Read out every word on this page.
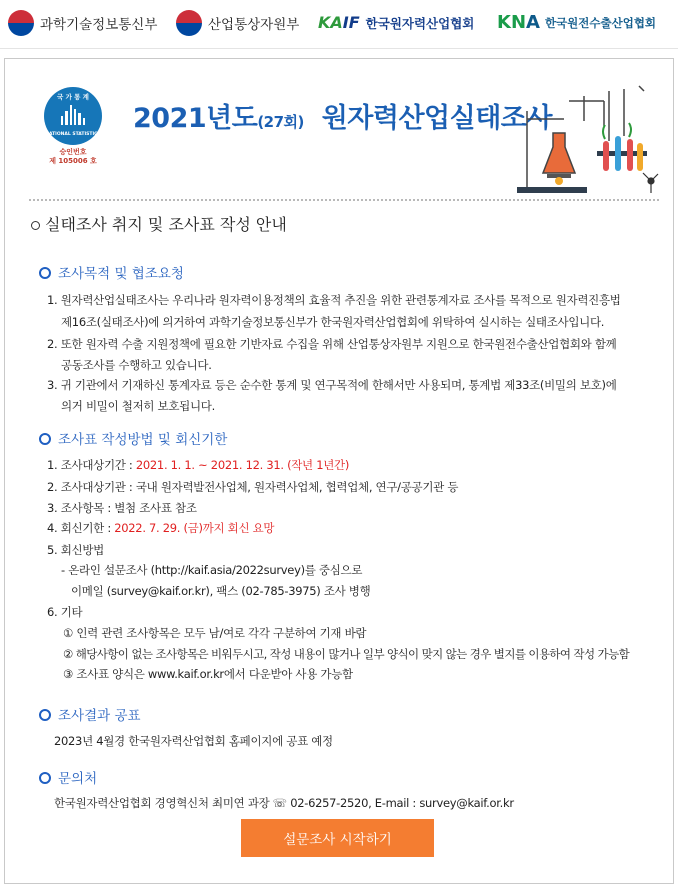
과학기술정보통신부	산업통상자원부 KAIF 한국원자력산업협회 KNA 한국원전수출산업협회
국 가 통 계
NATIONAL STATISTICS
승인번호
제 105006 호
2021년도(27회) 원자력산업실태조사
실태조사 취지 및 조사표 작성 안내
조사목적 및 협조요청
1. 원자력산업실태조사는 우리나라 원자력이용정책의 효율적 추진을 위한 관련통계자료 조사를 목적으로 원자력진흥법
제16조(실태조사)에 의거하여 과학기술정보통신부가 한국원자력산업협회에 위탁하여 실시하는 실태조사입니다.
2. 또한 원자력 수출 지원정책에 필요한 기반자료 수집을 위해 산업통상자원부 지원으로 한국원전수출산업협회와 함께
공동조사를 수행하고 있습니다.
3. 귀 기관에서 기재하신 통계자료 등은 순수한 통계 및 연구목적에 한해서만 사용되며, 통계법 제33조(비밀의 보호)에
의거 비밀이 철저히 보호됩니다.
조사표 작성방법 및 회신기한
1. 조사대상기간 : 2021. 1. 1. ~ 2021. 12. 31. (작년 1년간)
2. 조사대상기관 : 국내 원자력발전사업체, 원자력사업체, 협력업체, 연구/공공기관 등
3. 조사항목 : 별첨 조사표 참조
4. 회신기한 : 2022. 7. 29. (금)까지 회신 요망
5. 회신방법
- 온라인 설문조사 (http://kaif.asia/2022survey)를 중심으로
이메일 (survey@kaif.or.kr), 팩스 (02-785-3975) 조사 병행
6. 기타
① 인력 관련 조사항목은 모두 남/여로 각각 구분하여 기재 바람
② 해당사항이 없는 조사항목은 비워두시고, 작성 내용이 많거나 일부 양식이 맞지 않는 경우 별지를 이용하여 작성 가능함
③ 조사표 양식은 www.kaif.or.kr에서 다운받아 사용 가능함
조사결과 공표
2023년 4월경 한국원자력산업협회 홈페이지에 공표 예정
문의처
한국원자력산업협회 경영혁신처 최미연 과장 ☏ 02-6257-2520, E-mail : survey@kaif.or.kr
설문조사 시작하기
